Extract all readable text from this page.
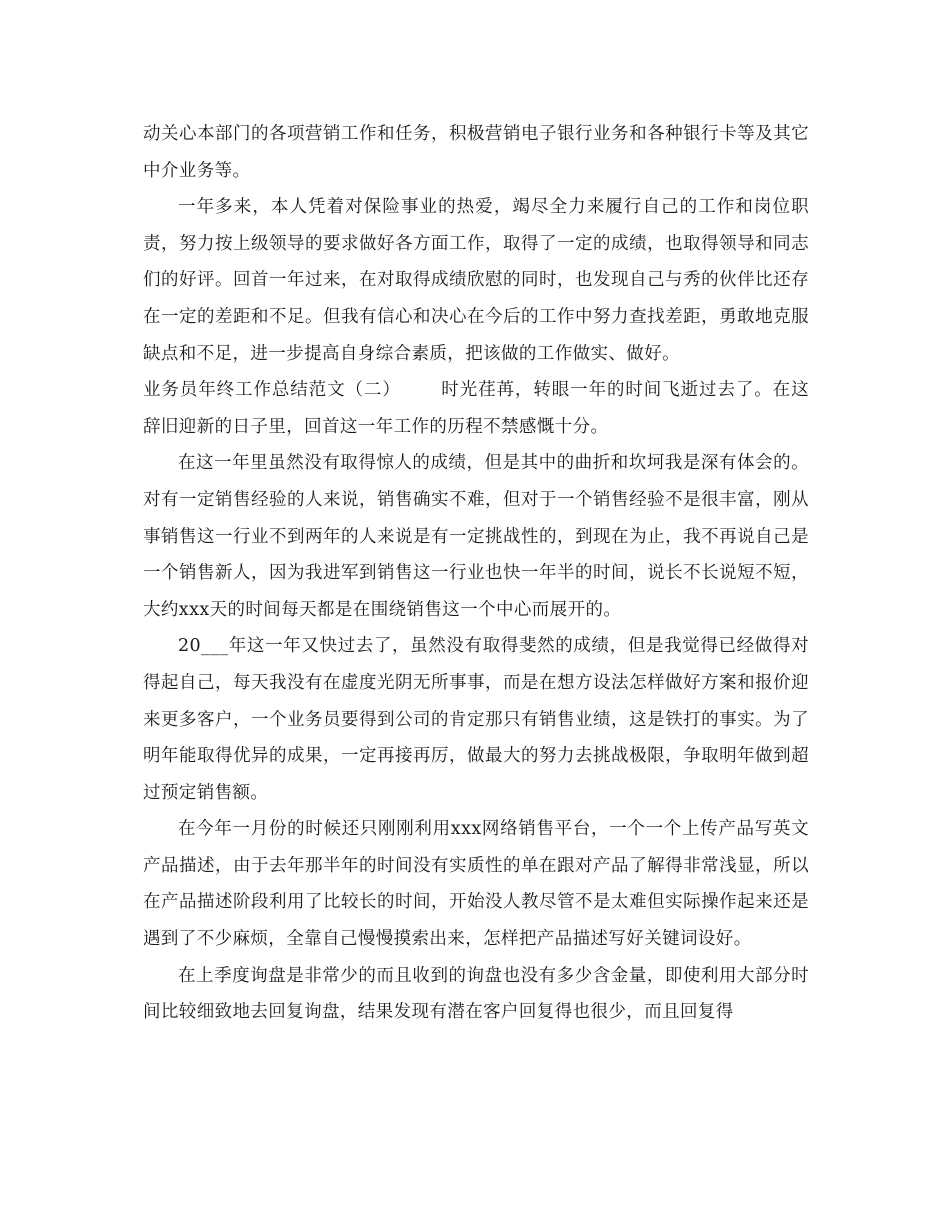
动关心本部门的各项营销工作和任务，积极营销电子银行业务和各种银行卡等及其它中介业务等。

一年多来，本人凭着对保险事业的热爱，竭尽全力来履行自己的工作和岗位职责，努力按上级领导的要求做好各方面工作，取得了一定的成绩，也取得领导和同志们的好评。回首一年过来，在对取得成绩欣慰的同时，也发现自己与秀的伙伴比还存在一定的差距和不足。但我有信心和决心在今后的工作中努力查找差距，勇敢地克服缺点和不足，进一步提高自身综合素质，把该做的工作做实、做好。

业务员年终工作总结范文（二） 时光荏苒，转眼一年的时间飞逝过去了。在这辞旧迎新的日子里，回首这一年工作的历程不禁感慨十分。

在这一年里虽然没有取得惊人的成绩，但是其中的曲折和坎坷我是深有体会的。对有一定销售经验的人来说，销售确实不难，但对于一个销售经验不是很丰富，刚从事销售这一行业不到两年的人来说是有一定挑战性的，到现在为止，我不再说自己是一个销售新人，因为我进军到销售这一行业也快一年半的时间，说长不长说短不短，大约xxx天的时间每天都是在围绕销售这一个中心而展开的。

20___年这一年又快过去了，虽然没有取得斐然的成绩，但是我觉得已经做得对得起自己，每天我没有在虚度光阴无所事事，而是在想方设法怎样做好方案和报价迎来更多客户，一个业务员要得到公司的肯定那只有销售业绩，这是铁打的事实。为了明年能取得优异的成果，一定再接再厉，做最大的努力去挑战极限，争取明年做到超过预定销售额。

在今年一月份的时候还只刚刚利用xxx网络销售平台，一个一个上传产品写英文产品描述，由于去年那半年的时间没有实质性的单在跟对产品了解得非常浅显，所以在产品描述阶段利用了比较长的时间，开始没人教尽管不是太难但实际操作起来还是遇到了不少麻烦，全靠自己慢慢摸索出来，怎样把产品描述写好关键词设好。

在上季度询盘是非常少的而且收到的询盘也没有多少含金量，即使利用大部分时间比较细致地去回复询盘，结果发现有潜在客户回复得也很少，而且回复得
